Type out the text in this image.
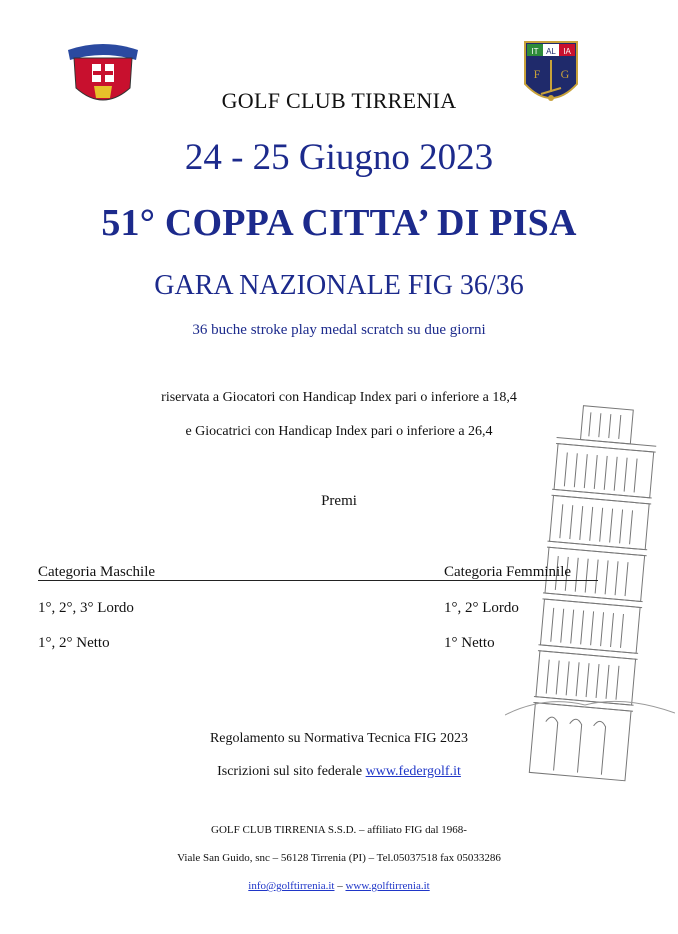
IT AL IA
F G
GOLF CLUB TIRRENIA
24 - 25 Giugno 2023
51° COPPA CITTA’ DI PISA
GARA NAZIONALE FIG 36/36
36 buche stroke play medal scratch su due giorni
riservata a Giocatori con Handicap Index pari o inferiore a 18,4
e Giocatrici con Handicap Index pari o inferiore a 26,4
Premi
Categoria Maschile	Categoria Femminile
1°, 2°, 3° Lordo
1°, 2° Netto
1°, 2° Lordo
1° Netto
Regolamento su Normativa Tecnica FIG 2023
Iscrizioni sul sito federale www.federgolf.it
GOLF CLUB TIRRENIA S.S.D. – affiliato FIG dal 1968-
Viale San Guido, snc – 56128 Tirrenia (PI) – Tel.05037518 fax 05033286
info@golftirrenia.it – www.golftirrenia.it
